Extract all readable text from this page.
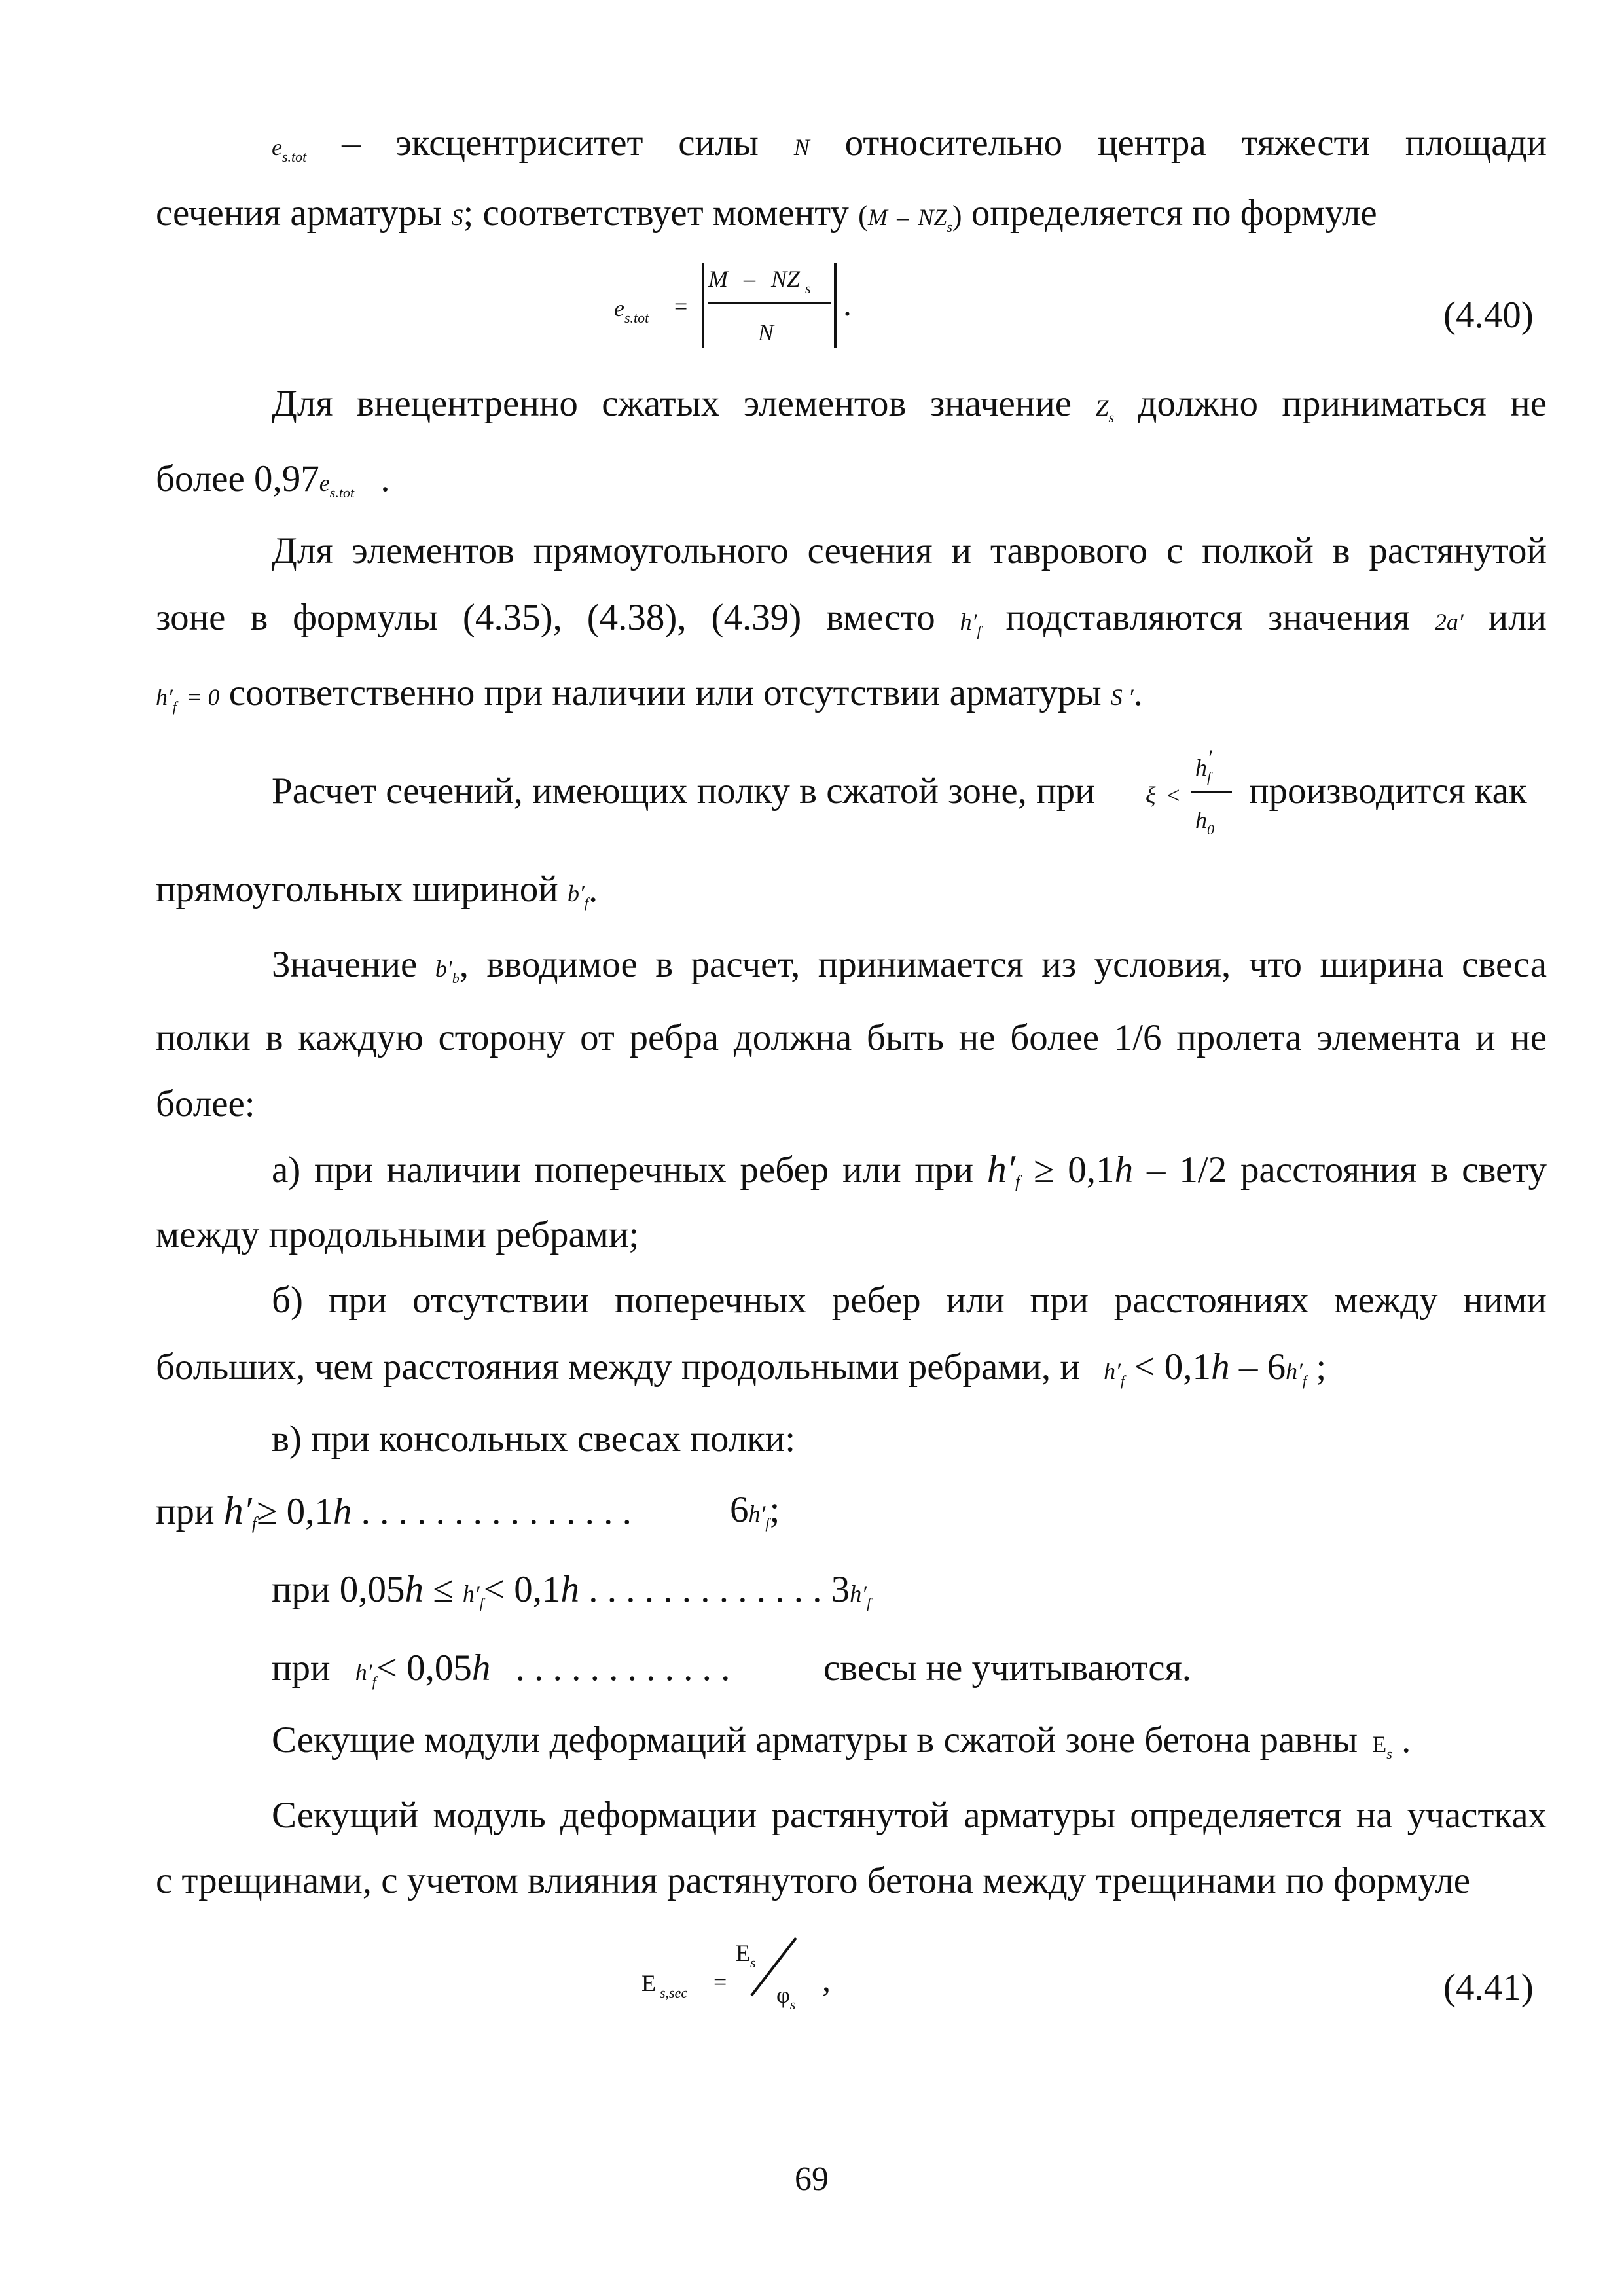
$e_{s.tot}$ – эксцентриситет силы N относительно центра тяжести площади
сечения арматуры S; соответствует моменту $(M - NZ_s)$ определяется по формуле
es.tot =
M – NZ s
N
.	(4.40)
Для внецентренно сжатых элементов значение $Z_s$ должно приниматься не
более $0,97e_{s.tot}$ .
Для элементов прямоугольного сечения и таврового с полкой в растянутой
зоне в формулы (4.35), (4.38), (4.39) вместо $h'_f$ подставляются значения 2a′ или
$h'_f = 0$ соответственно при наличии или отсутствии арматуры S ′.
Расчет сечений, имеющих полку в сжатой зоне, при	ξ <
hf
′
h0
производится как
прямоугольных шириной $b'_f$.
Значение $b'_b$, вводимое в расчет, принимается из условия, что ширина свеса
полки в каждую сторону от ребра должна быть не более 1/6 пролета элемента и не
более:
а) при наличии поперечных ребер или при h′f ≥ 0,1h – 1/2 расстояния в свету
между продольными ребрами;
б) при отсутствии поперечных ребер или при расстояниях между ними
больших, чем расстояния между продольными ребрами, и $h'_f < 0,1h - 6h'_f$ ;
в) при консольных свесах полки:
при h′f≥ 0,1h . . . . . . . . . . . . . . .	$6h'_f$;
при $0,05h \le h'_f< 0,1h$ . . . . . . . . . . . . . $3h'_f$
при $h'_f< 0,05h$ . . . . . . . . . . . .	свесы не учитываются.
Секущие модули деформаций арматуры в сжатой зоне бетона равны $E_s$ .
Секущий модуль деформации растянутой арматуры определяется на участках
с трещинами, с учетом влияния растянутого бетона между трещинами по формуле
Es,sec =
Es
φs
,	(4.41)
69
